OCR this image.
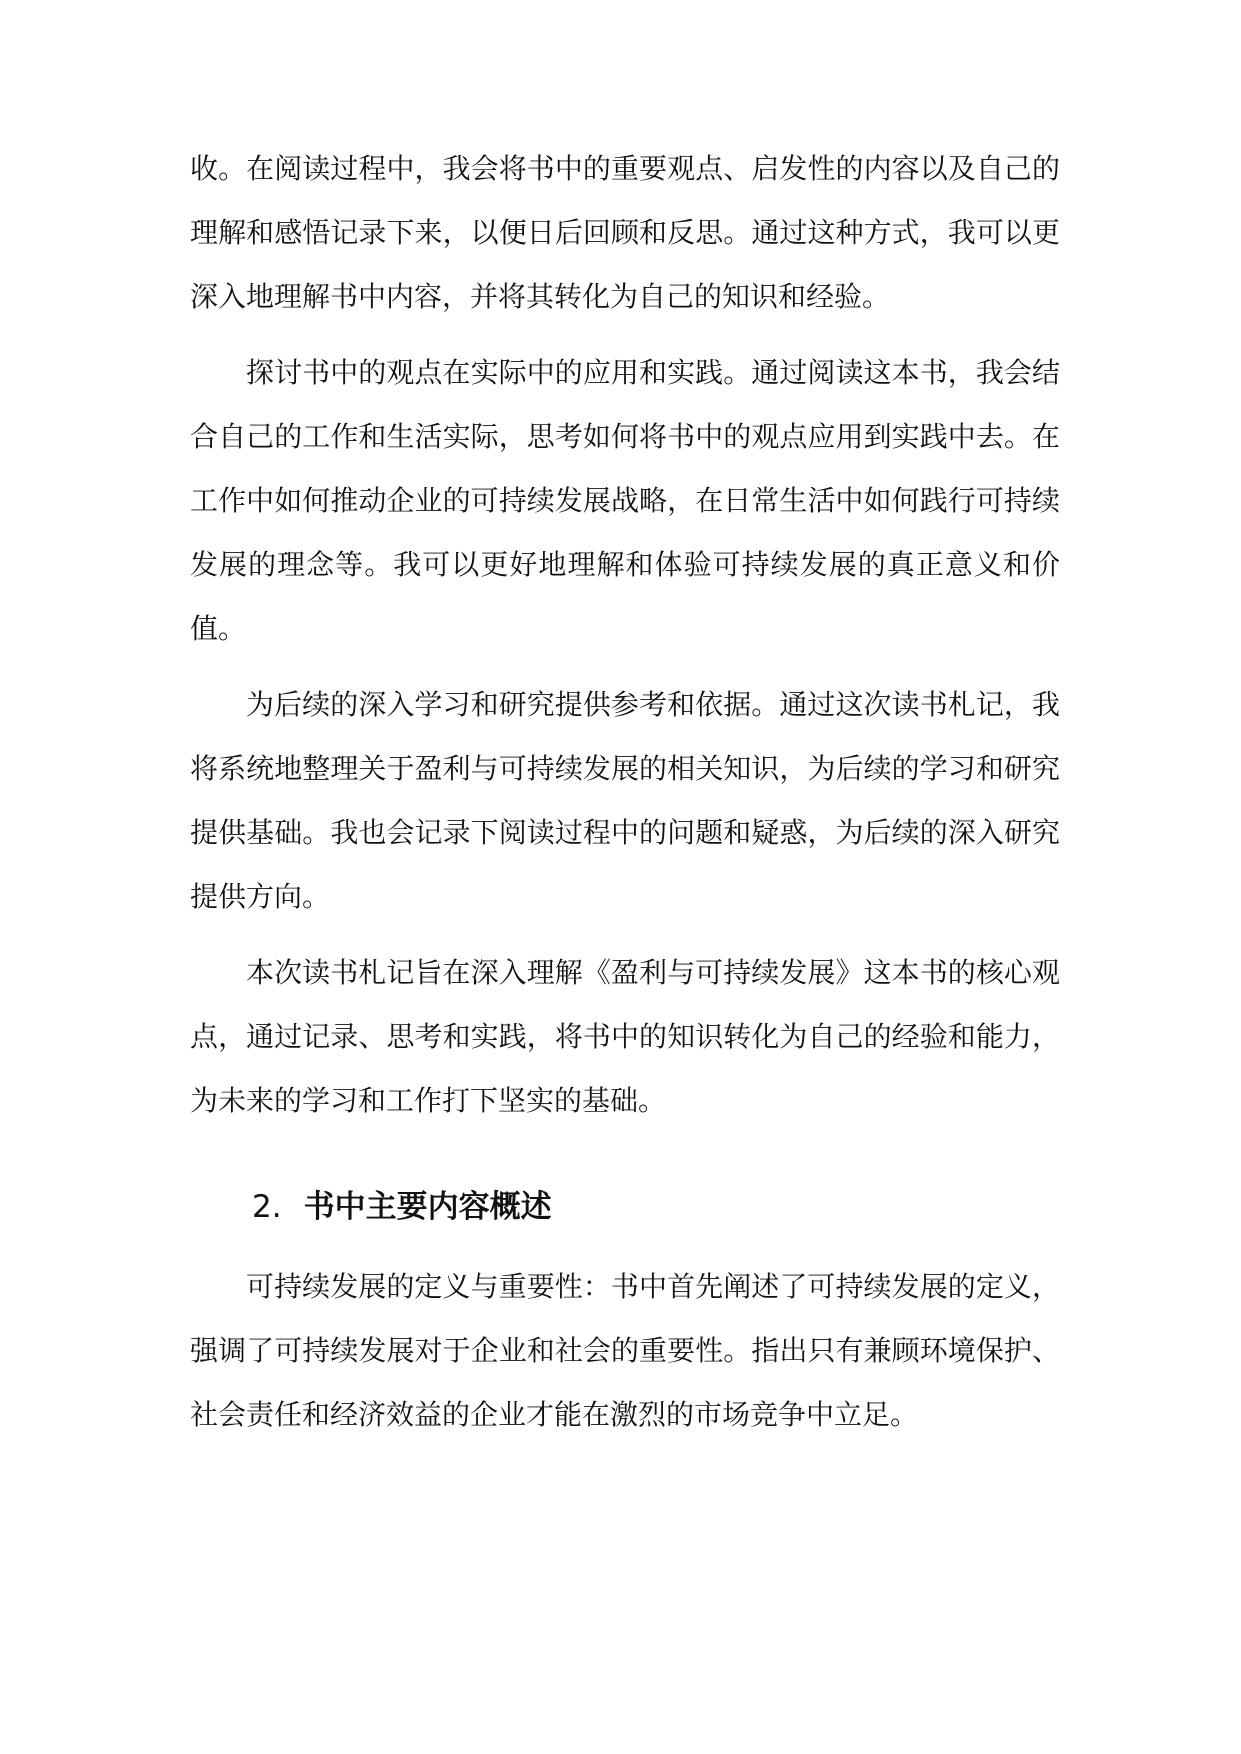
收。在阅读过程中，我会将书中的重要观点、启发性的内容以及自己的理解和感悟记录下来，以便日后回顾和反思。通过这种方式，我可以更深入地理解书中内容，并将其转化为自己的知识和经验。

探讨书中的观点在实际中的应用和实践。通过阅读这本书，我会结合自己的工作和生活实际，思考如何将书中的观点应用到实践中去。在工作中如何推动企业的可持续发展战略，在日常生活中如何践行可持续发展的理念等。我可以更好地理解和体验可持续发展的真正意义和价值。

为后续的深入学习和研究提供参考和依据。通过这次读书札记，我将系统地整理关于盈利与可持续发展的相关知识，为后续的学习和研究提供基础。我也会记录下阅读过程中的问题和疑惑，为后续的深入研究提供方向。

本次读书札记旨在深入理解《盈利与可持续发展》这本书的核心观点，通过记录、思考和实践，将书中的知识转化为自己的经验和能力，为未来的学习和工作打下坚实的基础。

2. 书中主要内容概述

可持续发展的定义与重要性：书中首先阐述了可持续发展的定义，强调了可持续发展对于企业和社会的重要性。指出只有兼顾环境保护、社会责任和经济效益的企业才能在激烈的市场竞争中立足。
